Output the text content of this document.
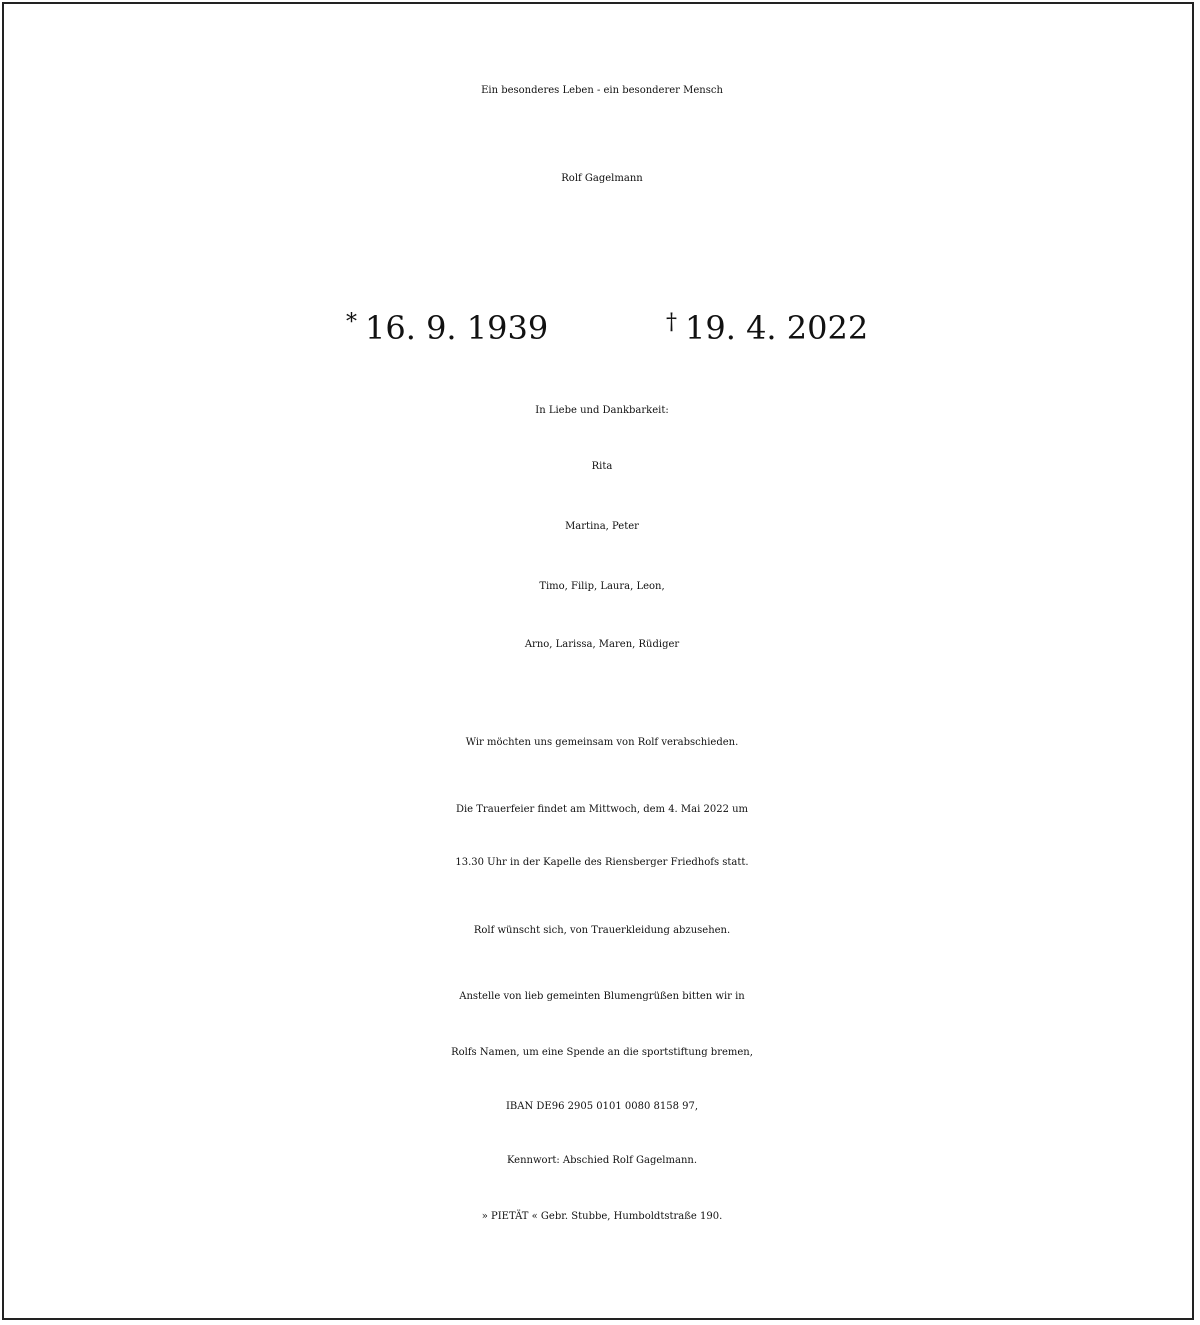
Ein besonderes Leben - ein besonderer Mensch
Rolf Gagelmann
* 16. 9. 1939	† 19. 4. 2022
In Liebe und Dankbarkeit:
Rita
Martina, Peter
Timo, Filip, Laura, Leon,
Arno, Larissa, Maren, Rüdiger
Wir möchten uns gemeinsam von Rolf verabschieden.
Die Trauerfeier findet am Mittwoch, dem 4. Mai 2022 um
13.30 Uhr in der Kapelle des Riensberger Friedhofs statt.
Rolf wünscht sich, von Trauerkleidung abzusehen.
Anstelle von lieb gemeinten Blumengrüßen bitten wir in
Rolfs Namen, um eine Spende an die sportstiftung bremen,
IBAN DE96 2905 0101 0080 8158 97,
Kennwort: Abschied Rolf Gagelmann.
» PIETÄT « Gebr. Stubbe, Humboldtstraße 190.
